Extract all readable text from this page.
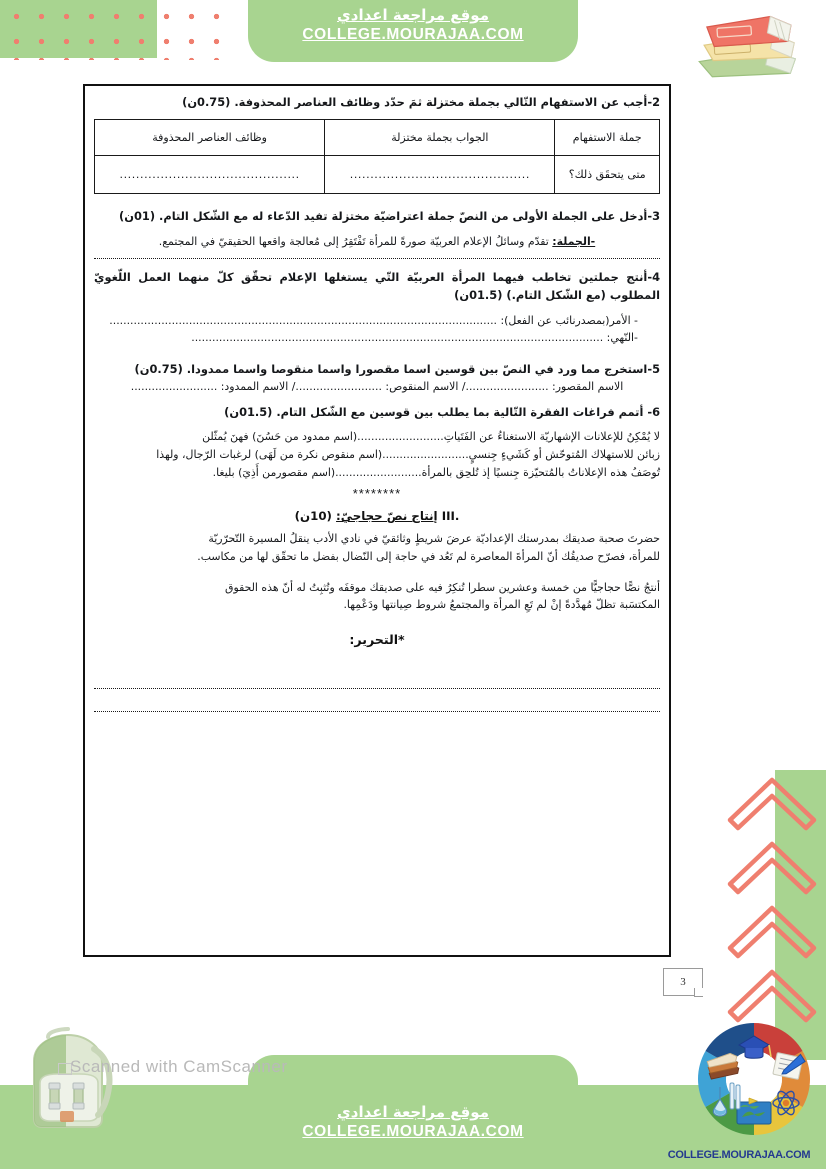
موقع مراجعة اعدادي
COLLEGE.MOURAJAA.COM
2-أجب عن الاستفهام التّالي بجملة مختزلة ثمَ حدّد وظائف العناصر المحذوفة. (0.75ن)
جملة الاستفهام	الجواب بجملة مختزلة	وظائف العناصر المحذوفة
متى يتحقَق ذلك؟	............................................	............................................
3-أدخل على الجملة الأولى من النصّ جملة اعتراضيّة مختزلة تفيد الدّعاء له مع الشّكل التام. (01ن)
-الجملة: تقدّم وسائلُ الإعلام العربيّة صورةً للمرأة تَفْتَقِرُ إلى مُعالجة واقعها الحقيقيّ في المجتمع.
4-أنتج جملتين تخاطب فيهما المرأة العربيّة التّي يستغلها الإعلام تحقّق كلّ منهما العمل اللّغويّ المطلوب (مع الشّكل التام.) (01.5ن)
- الأمر(بمصدرنائب عن الفعل): ................................................................................................................
-النّهي: .......................................................................................................................
5-استخرج مما ورد في النصّ بين قوسين اسما مقصورا واسما منقوصا واسما ممدودا. (0.75ن)
الاسم المقصور: ......................../ الاسم المنقوص: ........................./ الاسم الممدود: .........................
6- أتمم فراغات الفقرة التّالية بما يطلب بين قوسين مع الشّكل التام. (01.5ن)
لا يُمْكِنُ للإعلانات الإشهاريّة الاستغناءُ عن الفَتَياتِ.........................(اسم ممدود من حَسُنَ) فهنَ يُمثّلن
زبائن للاستهلاك المُتوحّش أو كَشَيءٍ جِنسيٍ.........................(اسم منقوص نكرة من لَهَى) لرغبات الرّجال، ولهذا
تُوصَفُ هذه الإعلاناتُ بالمُتحيّزة جِنسيًا إذ تُلحِق بالمرأة.........................(اسم مقصورمن أَذِيَ) بليغا.
********
III. إنتاج نصّ حجاجيّ: (10ن)
حضرتَ صحبة صديقك بمدرستك الإعداديّة عرضَ شريطٍ وثائقيّ في نادي الأدب ينقلُ المسيرة التّحرّريّة
للمرأة، فصرّح صديقُك أنّ المرأةَ المعاصرة لم تَعُد في حاجة إلى النّضال بفضل ما تحقّق لها من مكاسب.
أنتجُ نصًّا حجاجيًّا من خمسة وعشرين سطرا تُنكِرُ فيه على صديقك موقفَه وتُثبِتُ له أنّ هذه الحقوق
المكتسَبة تظلّ مُهدَّدةً إنْ لم تَعِ المرأة والمجتمعُ شروط صِيانتها ودَعْمِها.
*التحرير:
3
Scanned with CamScanner
موقع مراجعة اعدادي
COLLEGE.MOURAJAA.COM
COLLEGE.MOURAJAA.COM
